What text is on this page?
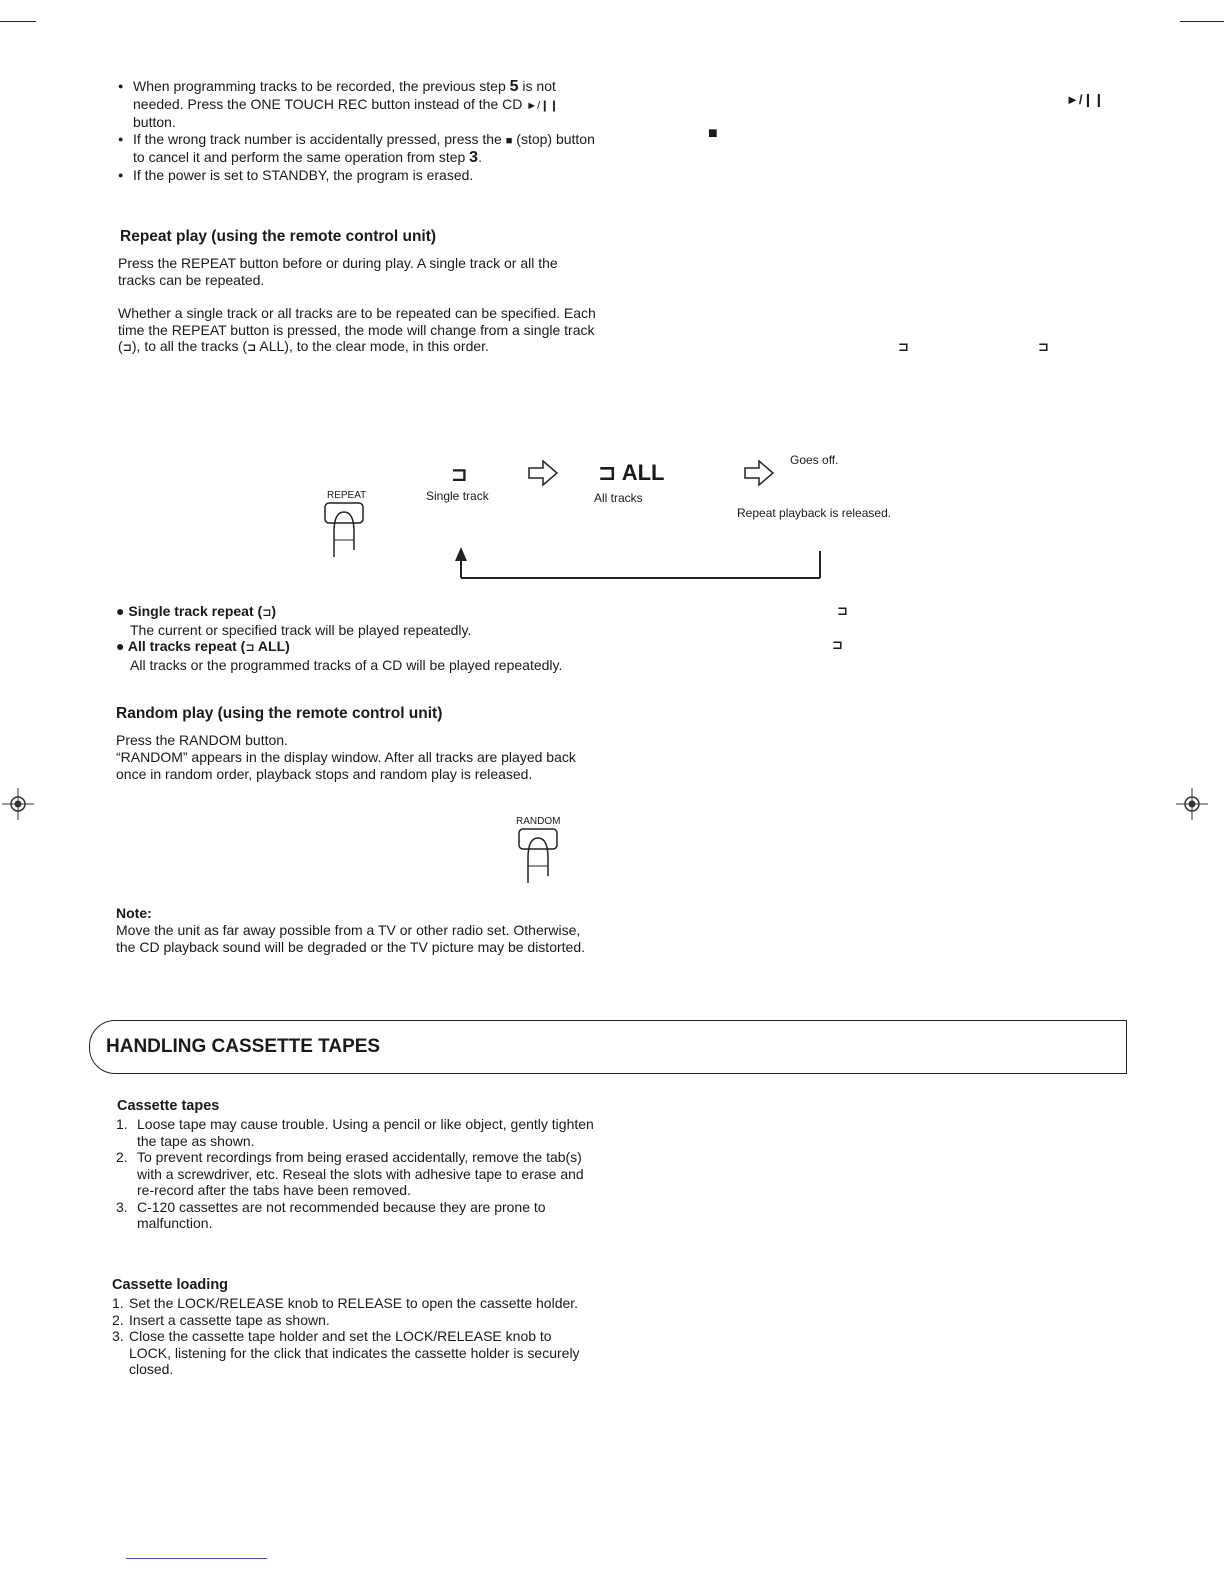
● When programming tracks to be recorded, the previous step 5 is not needed. Press the ONE TOUCH REC button instead of the CD ►/❙❙ button.
● If the wrong track number is accidentally pressed, press the ■ (stop) button to cancel it and perform the same operation from step 3.
● If the power is set to STANDBY, the program is erased.
►/❙❙
■
⊐	⊐
⊐
⊐
Repeat play (using the remote control unit)

Press the REPEAT button before or during play. A single track or all the tracks can be repeated.

Whether a single track or all tracks are to be repeated can be specified. Each time the REPEAT button is pressed, the mode will change from a single track (⊐), to all the tracks (⊐ ALL), to the clear mode, in this order.

REPEAT
⊐
Single track
⊐ ALL
All tracks
Goes off.
Repeat playback is released.
● Single track repeat (⊐)
The current or specified track will be played repeatedly.
● All tracks repeat (⊐ ALL)
All tracks or the programmed tracks of a CD will be played repeatedly.
Random play (using the remote control unit)

Press the RANDOM button.

“RANDOM” appears in the display window. After all tracks are played back once in random order, playback stops and random play is released.

RANDOM
Note:

Move the unit as far away possible from a TV or other radio set. Otherwise, the CD playback sound will be degraded or the TV picture may be distorted.

HANDLING CASSETTE TAPES
Cassette tapes
1. Loose tape may cause trouble. Using a pencil or like object, gently tighten the tape as shown.
2. To prevent recordings from being erased accidentally, remove the tab(s) with a screwdriver, etc. Reseal the slots with adhesive tape to erase and re-record after the tabs have been removed.
3. C-120 cassettes are not recommended because they are prone to malfunction.
Cassette loading
1. Set the LOCK/RELEASE knob to RELEASE to open the cassette holder.
2. Insert a cassette tape as shown.
3. Close the cassette tape holder and set the LOCK/RELEASE knob to LOCK, listening for the click that indicates the cassette holder is securely closed.
